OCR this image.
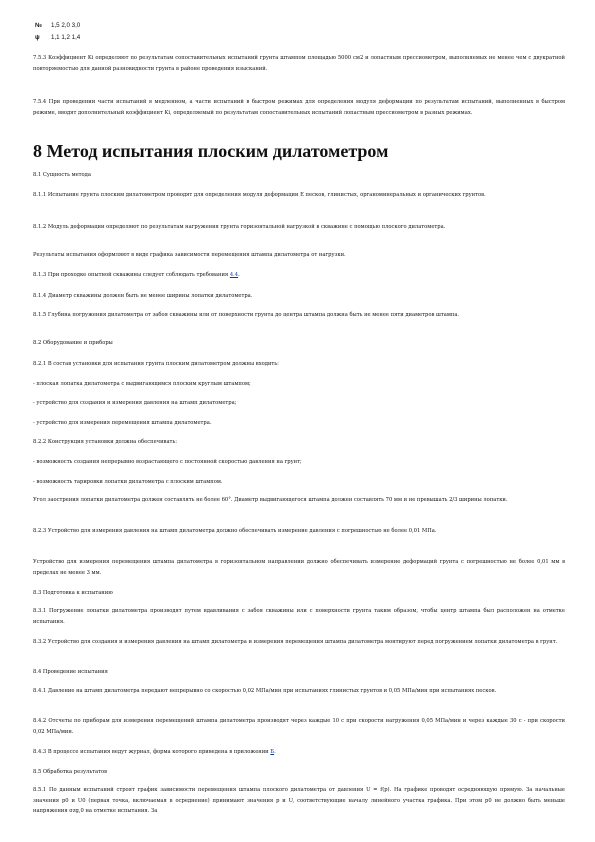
№ 1,5 2,0 3,0
ψ	1,1 1,2 1,4

7.5.3 Коэффициент Ki определяют по результатам сопоставительных испытаний грунта штампом площадью 5000 см2 и лопастным прессиометром, выполняемых не менее чем с двукратной повторяемостью для данной разновидности грунта в районе проведения изысканий.

7.5.4 При проведении части испытаний в медленном, а части испытаний в быстром режимах для определения модуля деформации по результатам испытаний, выполненных в быстром режиме, вводят дополнительный коэффициент Ki, определяемый по результатам сопоставительных испытаний лопастным прессиометром в разных режимах.

8 Метод испытания плоским дилатометром

8.1 Сущность метода

8.1.1 Испытание грунта плоским дилатометром проводят для определения модуля деформации E песков, глинистых, органоминеральных и органических грунтов.

8.1.2 Модуль деформации определяют по результатам нагружения грунта горизонтальной нагрузкой в скважине с помощью плоского дилатометра.

Результаты испытания оформляют в виде графика зависимости перемещения штампа дилатометра от нагрузки.

8.1.3 При проходке опытной скважины следует соблюдать требования 4.4.

8.1.4 Диаметр скважины должен быть не менее ширины лопатки дилатометра.

8.1.5 Глубина погружения дилатометра от забоя скважины или от поверхности грунта до центра штампа должна быть не менее пяти диаметров штампа.

8.2 Оборудование и приборы

8.2.1 В состав установки для испытания грунта плоским дилатометром должны входить:

- плоская лопатка дилатометра с выдвигающимся плоским круглым штампом;

- устройство для создания и измерения давления на штамп дилатометра;

- устройство для измерения перемещения штампа дилатометра.

8.2.2 Конструкция установки должна обеспечивать:

- возможность создания непрерывно возрастающего с постоянной скоростью давления на грунт;

- возможность тарировки лопатки дилатометра с плоским штампом.

Угол заострения лопатки дилатометра должен составлять не более 60°. Диаметр выдвигающегося штампа должен составлять 70 мм и не превышать 2/3 ширины лопатки.

8.2.3 Устройство для измерения давления на штамп дилатометра должно обеспечивать измерение давления с погрешностью не более 0,01 МПа.

Устройство для измерения перемещения штампа дилатометра в горизонтальном направлении должно обеспечивать измерение деформаций грунта с погрешностью не более 0,01 мм в пределах не менее 3 мм.

8.3 Подготовка к испытанию

8.3.1 Погружение лопатки дилатометра производят путем вдавливания с забоя скважины или с поверхности грунта таким образом, чтобы центр штампа был расположен на отметке испытания.

8.3.2 Устройство для создания и измерения давления на штамп дилатометра и измерения перемещения штампа дилатометра монтируют перед погружением лопатки дилатометра в грунт.

8.4 Проведение испытания

8.4.1 Давление на штамп дилатометра передают непрерывно со скоростью 0,02 МПа/мин при испытаниях глинистых грунтов и 0,05 МПа/мин при испытаниях песков.

8.4.2 Отсчеты по приборам для измерения перемещений штампа дилатометра производят через каждые 10 с при скорости нагружения 0,05 МПа/мин и через каждые 30 с - при скорости 0,02 МПа/мин.

8.4.3 В процессе испытания ведут журнал, форма которого приведена в приложении Б.

8.5 Обработка результатов

8.5.1 По данным испытаний строят график зависимости перемещения штампа плоского дилатометра от давления U = f(p). На графике проводят осредняющую прямую. За начальные значения p0 и U0 (первая точка, включаемая в осреднение) принимают значения p и U, соответствующие началу линейного участка графика. При этом p0 не должно быть меньше напряжения σzg,0 на отметке испытания. За
